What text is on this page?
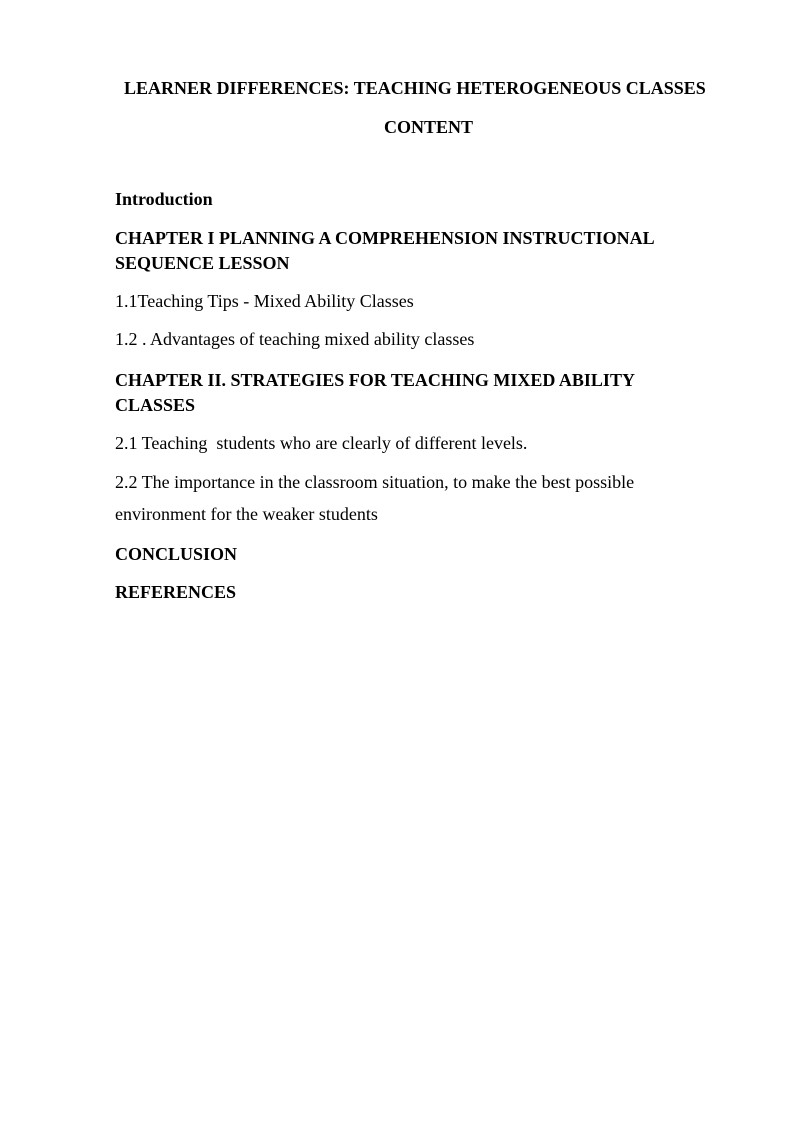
LEARNER DIFFERENCES: TEACHING HETEROGENEOUS CLASSES
CONTENT
Introduction
CHAPTER I PLANNING A COMPREHENSION INSTRUCTIONAL
SEQUENCE LESSON
1.1Teaching Tips - Mixed Ability Classes
1.2 . Advantages of teaching mixed ability classes
CHAPTER II. STRATEGIES FOR TEACHING MIXED ABILITY
CLASSES
2.1 Teaching  students who are clearly of different levels.
2.2 The importance in the classroom situation, to make the best possible
environment for the weaker students
CONCLUSION
REFERENCES
